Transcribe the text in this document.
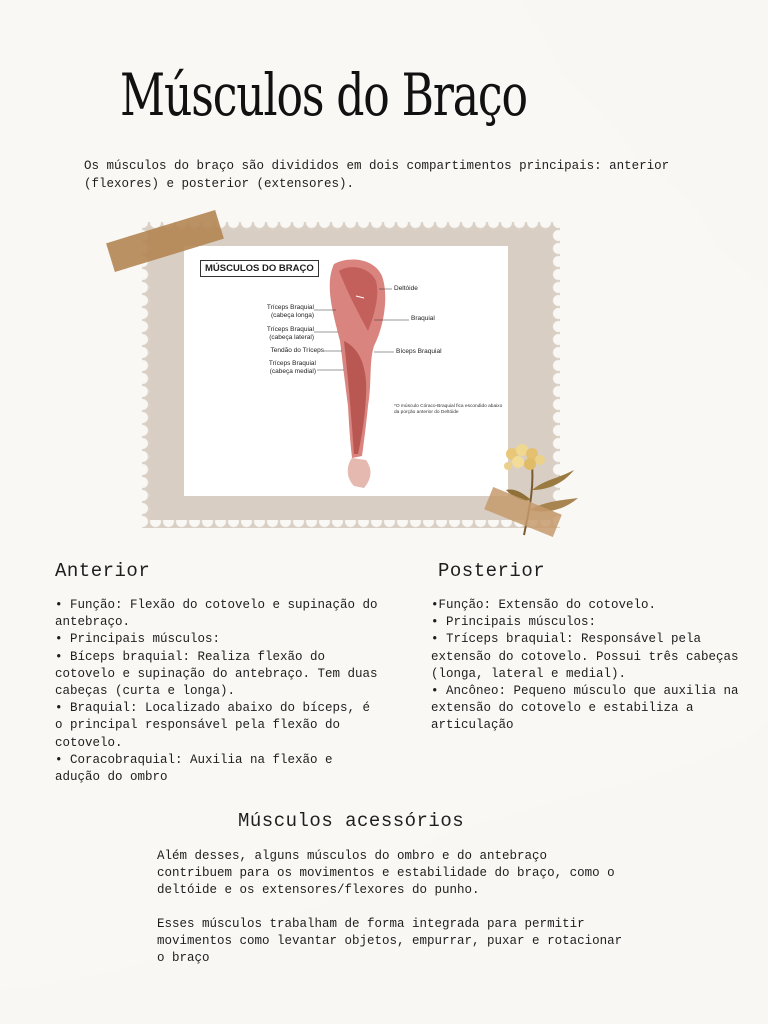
Músculos do Braço
Os músculos do braço são divididos em dois compartimentos principais: anterior (flexores) e posterior (extensores).
MÚSCULOS DO BRAÇO
Tríceps Braquial (cabeça longa)
Tríceps Braquial (cabeça lateral)
Tendão do Tríceps
Tríceps Braquial (cabeça medial)
Deltóide
Braquial
Bíceps Braquial
*O músculo Córaco-Braquial fica escondido abaixo da porção anterior do Deltóide
Anterior
• Função: Flexão do cotovelo e supinação do antebraço.
• Principais músculos:
• Bíceps braquial: Realiza flexão do cotovelo e supinação do antebraço. Tem duas cabeças (curta e longa).
• Braquial: Localizado abaixo do bíceps, é o principal responsável pela flexão do cotovelo.
• Coracobraquial: Auxilia na flexão e adução do ombro
Posterior
•Função: Extensão do cotovelo.
• Principais músculos:
• Tríceps braquial: Responsável pela extensão do cotovelo. Possui três cabeças (longa, lateral e medial).
• Ancôneo: Pequeno músculo que auxilia na extensão do cotovelo e estabiliza a articulação
Músculos acessórios
Além desses, alguns músculos do ombro e do antebraço contribuem para os movimentos e estabilidade do braço, como o deltóide e os extensores/flexores do punho.
Esses músculos trabalham de forma integrada para permitir movimentos como levantar objetos, empurrar, puxar e rotacionar o braço
